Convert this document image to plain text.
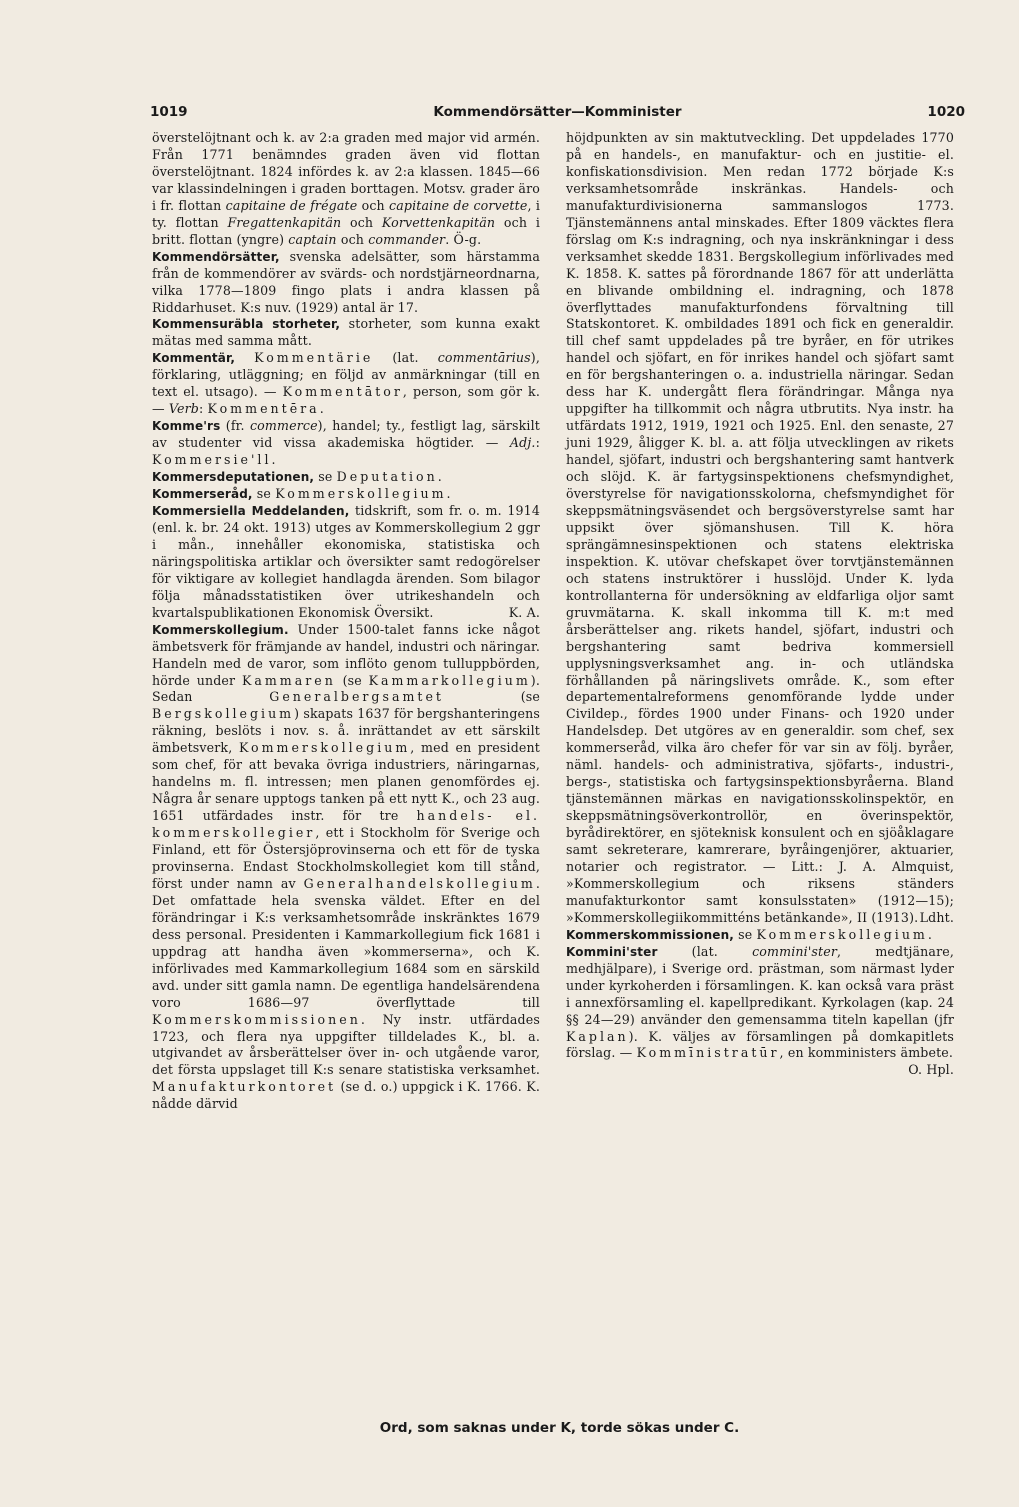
1019	Kommendörsätter—Komminister	1020

överstelöjtnant och k. av 2:a graden med major vid armén. Från 1771 benämndes graden även vid flottan överstelöjtnant. 1824 infördes k. av 2:a klassen. 1845—66 var klassindelningen i graden borttagen. Motsv. grader äro i fr. flottan capitaine de frégate och capitaine de corvette, i ty. flottan Fregattenkapitän och Korvettenkapitän och i britt. flottan (yngre) captain och commander. Ö-g.

Kommendörsätter, svenska adelsätter, som härstamma från de kommendörer av svärds- och nordstjärneordnarna, vilka 1778—1809 fingo plats i andra klassen på Riddarhuset. K:s nuv. (1929) antal är 17.

Kommensuräbla storheter, storheter, som kunna exakt mätas med samma mått.

Kommentär, Kommentärie (lat. commentārius), förklaring, utläggning; en följd av anmärkningar (till en text el. utsago). — Kommentātor, person, som gör k. — Verb: Kommentēra.

Komme'rs (fr. commerce), handel; ty., festligt lag, särskilt av studenter vid vissa akademiska högtider. — Adj.: Kommersie'll.

Kommersdeputationen, se Deputation.

Kommerseråd, se Kommerskollegium.

Kommersiella Meddelanden, tidskrift, som fr. o. m. 1914 (enl. k. br. 24 okt. 1913) utges av Kommerskollegium 2 ggr i mån., innehåller ekonomiska, statistiska och näringspolitiska artiklar och översikter samt redogörelser för viktigare av kollegiet handlagda ärenden. Som bilagor följa månadsstatistiken över utrikeshandeln och kvartalspublikationen Ekonomisk Översikt.	K. A.

Kommerskollegium. Under 1500-talet fanns icke något ämbetsverk för främjande av handel, industri och näringar. Handeln med de varor, som inflöto genom tulluppbörden, hörde under Kammaren (se Kammarkollegium). Sedan Generalbergsamtet (se Bergskollegium) skapats 1637 för bergshanteringens räkning, beslöts i nov. s. å. inrättandet av ett särskilt ämbetsverk, Kommerskollegium, med en president som chef, för att bevaka övriga industriers, näringarnas, handelns m. fl. intressen; men planen genomfördes ej. Några år senare upptogs tanken på ett nytt K., och 23 aug. 1651 utfärdades instr. för tre handels- el. kommerskollegier, ett i Stockholm för Sverige och Finland, ett för Östersjöprovinserna och ett för de tyska provinserna. Endast Stockholmskollegiet kom till stånd, först under namn av Generalhandelskollegium. Det omfattade hela svenska väldet. Efter en del förändringar i K:s verksamhetsområde inskränktes 1679 dess personal. Presidenten i Kammarkollegium fick 1681 i uppdrag att handha även »kommerserna», och K. införlivades med Kammarkollegium 1684 som en särskild avd. under sitt gamla namn. De egentliga handelsärendena voro 1686—97 överflyttade till Kommerskommissionen. Ny instr. utfärdades 1723, och flera nya uppgifter tilldelades K., bl. a. utgivandet av årsberättelser över in- och utgående varor, det första uppslaget till K:s senare statistiska verksamhet. Manufakturkontoret (se d. o.) uppgick i K. 1766. K. nådde därvid

höjdpunkten av sin maktutveckling. Det uppdelades 1770 på en handels-, en manufaktur- och en justitie- el. konfiskationsdivision. Men redan 1772 började K:s verksamhetsområde inskränkas. Handels- och manufakturdivisionerna sammanslogos 1773. Tjänstemännens antal minskades. Efter 1809 väcktes flera förslag om K:s indragning, och nya inskränkningar i dess verksamhet skedde 1831. Bergskollegium införlivades med K. 1858. K. sattes på förordnande 1867 för att underlätta en blivande ombildning el. indragning, och 1878 överflyttades manufakturfondens förvaltning till Statskontoret. K. ombildades 1891 och fick en generaldir. till chef samt uppdelades på tre byråer, en för utrikes handel och sjöfart, en för inrikes handel och sjöfart samt en för bergshanteringen o. a. industriella näringar. Sedan dess har K. undergått flera förändringar. Många nya uppgifter ha tillkommit och några utbrutits. Nya instr. ha utfärdats 1912, 1919, 1921 och 1925. Enl. den senaste, 27 juni 1929, åligger K. bl. a. att följa utvecklingen av rikets handel, sjöfart, industri och bergshantering samt hantverk och slöjd. K. är fartygsinspektionens chefsmyndighet, överstyrelse för navigationsskolorna, chefsmyndighet för skeppsmätningsväsendet och bergsöverstyrelse samt har uppsikt över sjömanshusen. Till K. höra sprängämnesinspektionen och statens elektriska inspektion. K. utövar chefskapet över torvtjänstemännen och statens instruktörer i husslöjd. Under K. lyda kontrollanterna för undersökning av eldfarliga oljor samt gruvmätarna. K. skall inkomma till K. m:t med årsberättelser ang. rikets handel, sjöfart, industri och bergshantering samt bedriva kommersiell upplysningsverksamhet ang. in- och utländska förhållanden på näringslivets område. K., som efter departementalreformens genomförande lydde under Civildep., fördes 1900 under Finans- och 1920 under Handelsdep. Det utgöres av en generaldir. som chef, sex kommerseråd, vilka äro chefer för var sin av följ. byråer, näml. handels- och administrativa, sjöfarts-, industri-, bergs-, statistiska och fartygsinspektionsbyråerna. Bland tjänstemännen märkas en navigationsskolinspektör, en skeppsmätningsöverkontrollör, en överinspektör, byrådirektörer, en sjöteknisk konsulent och en sjöåklagare samt sekreterare, kamrerare, byråingenjörer, aktuarier, notarier och registrator. — Litt.: J. A. Almquist, »Kommerskollegium och riksens ständers manufakturkontor samt konsulsstaten» (1912—15); »Kommerskollegiikommitténs betänkande», II (1913). Ldht.

Kommerskommissionen, se Kommerskollegium.

Kommini'ster (lat. commini'ster, medtjänare, medhjälpare), i Sverige ord. prästman, som närmast lyder under kyrkoherden i församlingen. K. kan också vara präst i annexförsamling el. kapellpredikant. Kyrkolagen (kap. 24 §§ 24—29) använder den gemensamma titeln kapellan (jfr Kaplan). K. väljes av församlingen på domkapitlets förslag. — Kommīnistratūr, en komministers ämbete.
O. Hpl.

Ord, som saknas under K, torde sökas under C.
